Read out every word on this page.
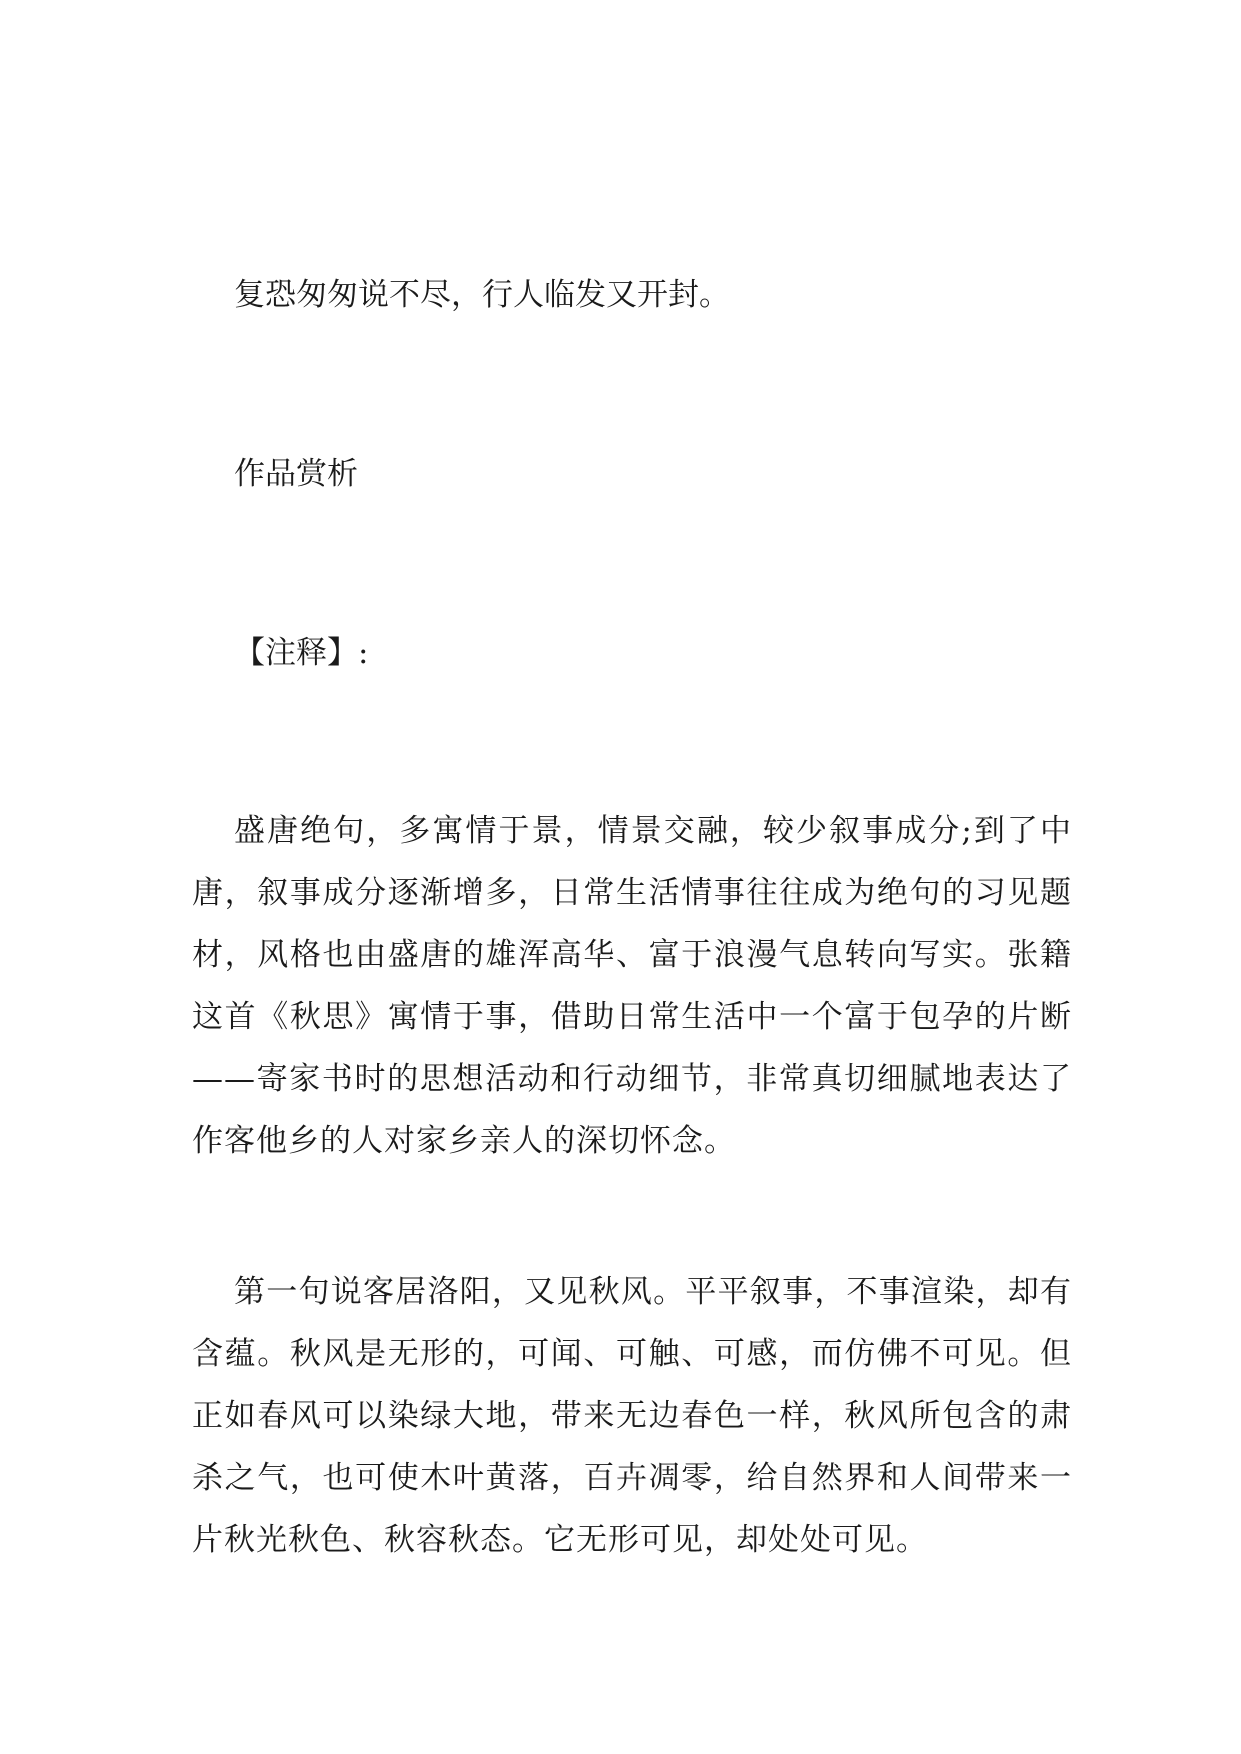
复恐匆匆说不尽，行人临发又开封。

作品赏析

【注释】:

盛唐绝句，多寓情于景，情景交融，较少叙事成分;到了中唐，叙事成分逐渐增多，日常生活情事往往成为绝句的习见题材，风格也由盛唐的雄浑高华、富于浪漫气息转向写实。张籍这首《秋思》寓情于事，借助日常生活中一个富于包孕的片断——寄家书时的思想活动和行动细节，非常真切细腻地表达了作客他乡的人对家乡亲人的深切怀念。

第一句说客居洛阳，又见秋风。平平叙事，不事渲染，却有含蕴。秋风是无形的，可闻、可触、可感，而仿佛不可见。但正如春风可以染绿大地，带来无边春色一样，秋风所包含的肃杀之气，也可使木叶黄落，百卉凋零，给自然界和人间带来一片秋光秋色、秋容秋态。它无形可见，却处处可见。
